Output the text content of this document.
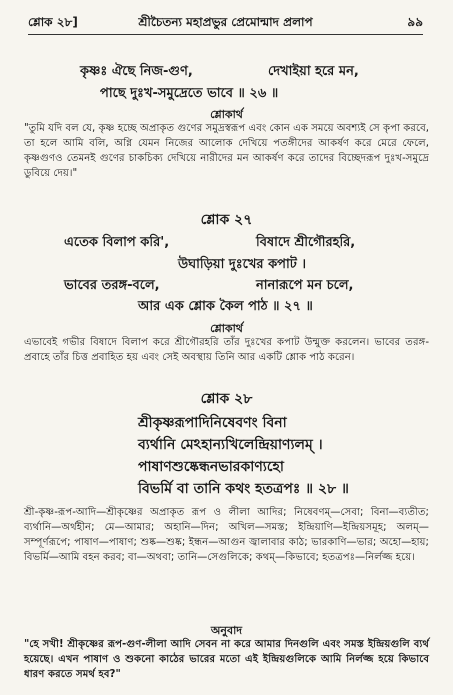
শ্লোক ২৮]	শ্রীচৈতন্য মহাপ্রভুর প্রেমোন্মাদ প্রলাপ	৯৯
কৃষ্ণঃ ঐছে নিজ-গুণ,	দেখাইয়া হরে মন,
পাছে দুঃখ-সমুদ্রেতে ভাবে ॥ ২৬ ॥
শ্লোকার্থ
"তুমি যদি বল যে, কৃষ্ণ হচ্ছে অপ্রাকৃত গুণের সমুদ্রস্বরূপ এবং কোন এক সময়ে অবশ্যই সে কৃপা করবে, তা হলে আমি বলি, অগ্নি যেমন নিজের আলোক দেখিয়ে পতঙ্গীদের আকর্ষণ করে মেরে ফেলে, কৃষ্ণগুণও তেমনই গুণের চাকচিক্য দেখিয়ে নারীদের মন আকর্ষণ করে তাদের বিচ্ছেদরূপ দুঃখ-সমুদ্রে ডুবিয়ে দেয়।"
শ্লোক ২৭
এতেক বিলাপ করি',	বিষাদে শ্রীগৌরহরি,
উঘাড়িয়া দুঃখের কপাট ।
ভাবের তরঙ্গ-বলে,	নানারূপে মন চলে,
আর এক শ্লোক কৈল পাঠ ॥ ২৭ ॥
শ্লোকার্থ
এভাবেই গভীর বিষাদে বিলাপ করে শ্রীগৌরহরি তাঁর দুঃখের কপাট উন্মুক্ত করলেন। ভাবের তরঙ্গ-প্রবাহে তাঁর চিত্ত প্রবাহিত হয় এবং সেই অবস্থায় তিনি আর একটি শ্লোক পাঠ করেন।
শ্লোক ২৮
শ্রীকৃষ্ণরূপাদিনিষেবণং বিনা
ব্যর্থানি মেঽহান্যখিলেন্দ্রিয়াণ্যলম্ ।
পাষাণশুষ্কেন্ধনভারকাণ্যহো
বিভর্মি বা তানি কথং হতত্রপঃ ॥ ২৮ ॥
শ্রী-কৃষ্ণ-রূপ-আদি—শ্রীকৃষ্ণের অপ্রাকৃত রূপ ও লীলা আদির; নিষেবণম্—সেবা; বিনা—ব্যতীত; ব্যর্থানি—অর্থহীন; মে—আমার; অহানি—দিন; অখিল—সমস্ত; ইন্দ্রিয়াণি—ইন্দ্রিয়সমূহ; অলম্—সম্পূর্ণরূপে; পাষাণ—পাষাণ; শুষ্ক—শুষ্ক; ইন্ধন—আগুন জ্বালাবার কাঠ; ভারকাণি—ভার; অহো—হায়; বিভর্মি—আমি বহন করব; বা—অথবা; তানি—সেগুলিকে; কথম্—কিভাবে; হতত্রপঃ—নির্লজ্জ হয়ে।
অনুবাদ
"হে সখী! শ্রীকৃষ্ণের রূপ-গুণ-লীলা আদি সেবন না করে আমার দিনগুলি এবং সমস্ত ইন্দ্রিয়গুলি ব্যর্থ হয়েছে। এখন পাষাণ ও শুকনো কাঠের ভারের মতো এই ইন্দ্রিয়গুলিকে আমি নির্লজ্জ হয়ে কিভাবে ধারণ করতে সমর্থ হব?"
